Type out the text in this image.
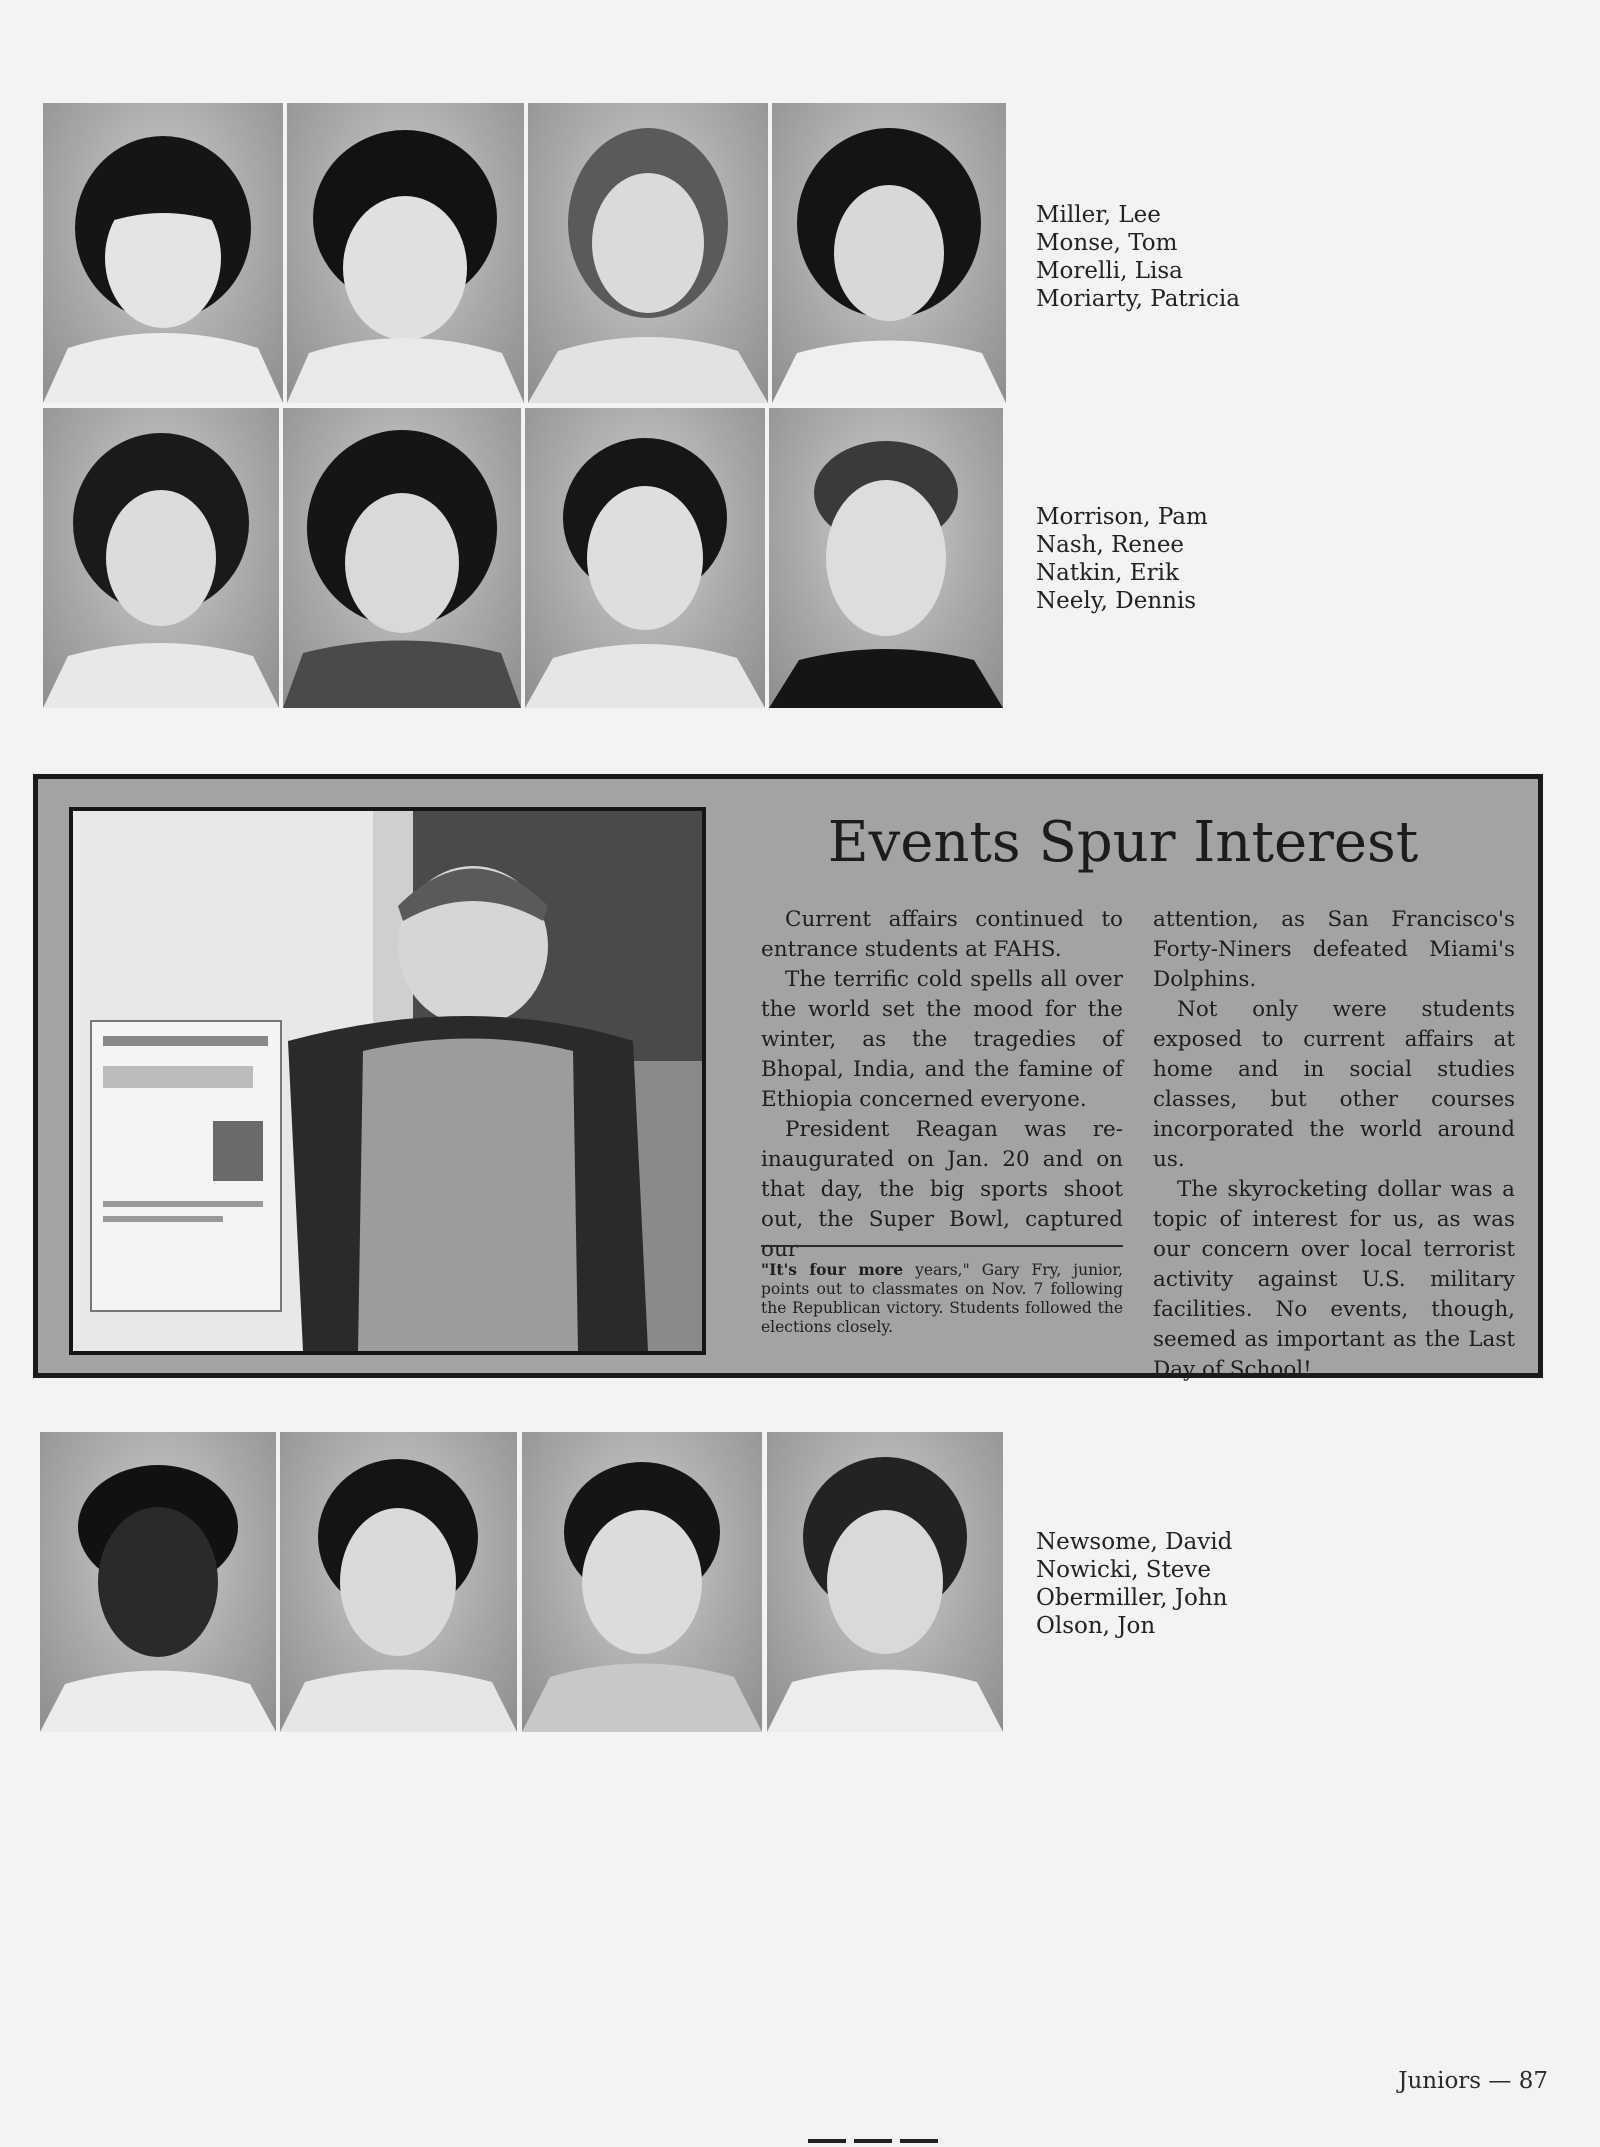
Miller, Lee
Monse, Tom
Morelli, Lisa
Moriarty, Patricia
Morrison, Pam
Nash, Renee
Natkin, Erik
Neely, Dennis
Events Spur Interest

Current affairs continued to entrance students at FAHS.

The terrific cold spells all over the world set the mood for the winter, as the tragedies of Bhopal, India, and the famine of Ethiopia concerned everyone.

President Reagan was re-inaugurated on Jan. 20 and on that day, the big sports shoot out, the Super Bowl, captured our

"It's four more years," Gary Fry, junior, points out to classmates on Nov. 7 following the Republican victory. Students followed the elections closely.

attention, as San Francisco's Forty-Niners defeated Miami's Dolphins.

Not only were students exposed to current affairs at home and in social studies classes, but other courses incorporated the world around us.

The skyrocketing dollar was a topic of interest for us, as was our concern over local terrorist activity against U.S. military facilities. No events, though, seemed as important as the Last Day of School!

Newsome, David
Nowicki, Steve
Obermiller, John
Olson, Jon

Juniors — 87
